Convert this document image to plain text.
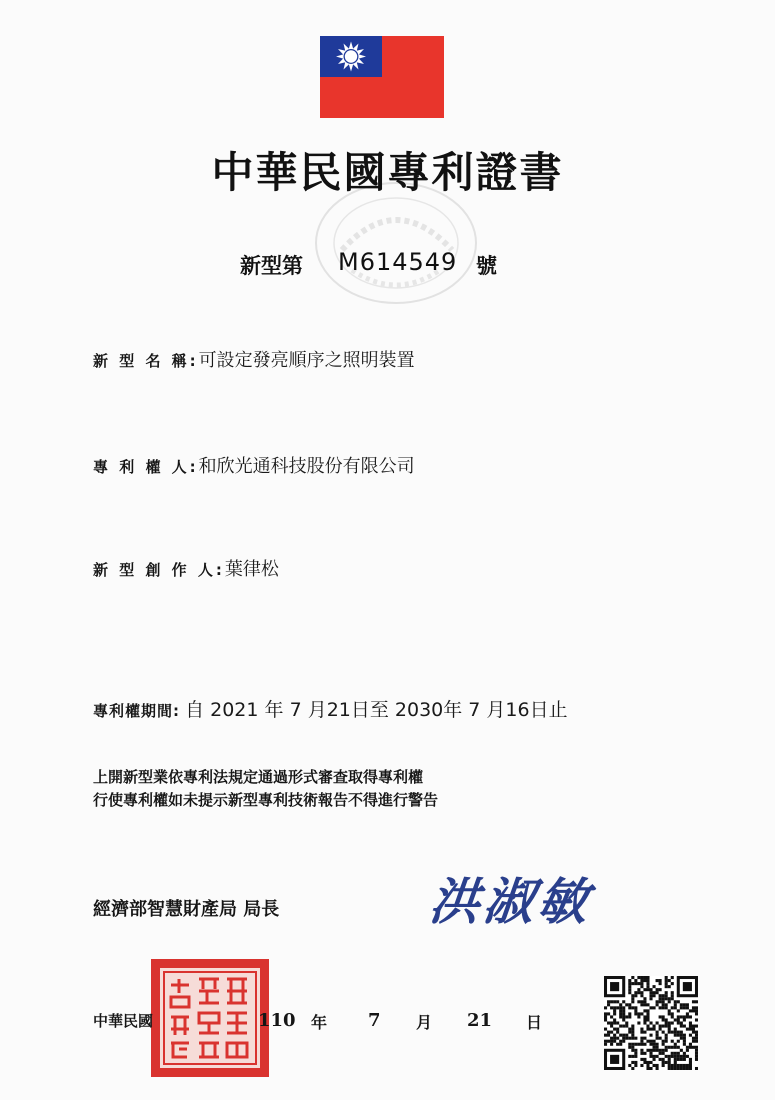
中華民國專利證書
新型第 M614549 號
新 型 名 稱:可設定發亮順序之照明裝置
專 利 權 人:和欣光通科技股份有限公司
新 型 創 作 人:葉律松
專利權期間: 自 2021 年 7 月21日至 2030年 7 月16日止
上開新型業依專利法規定通過形式審查取得專利權
行使專利權如未提示新型專利技術報告不得進行警告
經濟部智慧財產局 局長	洪淑敏
中華民國	110 年 7 月 21 日
